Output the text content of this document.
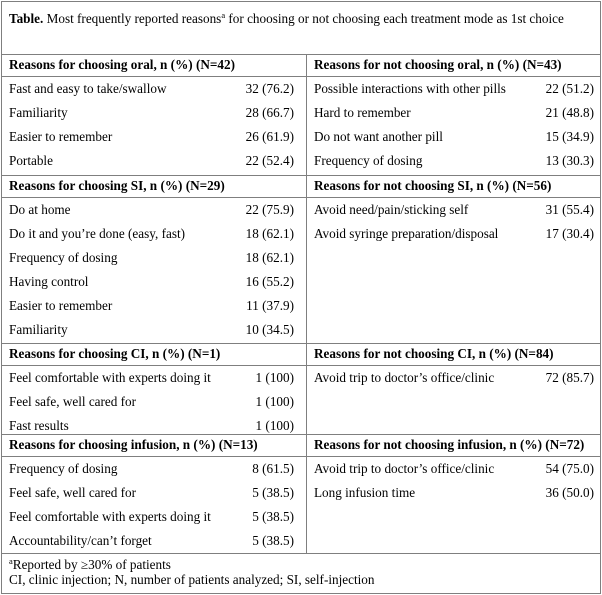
Table. Most frequently reported reasons$^a$ for choosing or not choosing each treatment mode as 1st choice
Reasons for choosing oral, n (%) (N=42)
Fast and easy to take/swallow	32 (76.2)
Familiarity	28 (66.7)
Easier to remember	26 (61.9)
Portable	22 (52.4)
Reasons for not choosing oral, n (%) (N=43)
Possible interactions with other pills	22 (51.2)
Hard to remember	21 (48.8)
Do not want another pill	15 (34.9)
Frequency of dosing	13 (30.3)
Reasons for choosing SI, n (%) (N=29)
Do at home	22 (75.9)
Do it and you’re done (easy, fast)	18 (62.1)
Frequency of dosing	18 (62.1)
Having control	16 (55.2)
Easier to remember	11 (37.9)
Familiarity	10 (34.5)
Reasons for not choosing SI, n (%) (N=56)
Avoid need/pain/sticking self	31 (55.4)
Avoid syringe preparation/disposal	17 (30.4)
Reasons for choosing CI, n (%) (N=1)
Feel comfortable with experts doing it	1 (100)
Feel safe, well cared for	1 (100)
Fast results	1 (100)
Reasons for not choosing CI, n (%) (N=84)
Avoid trip to doctor’s office/clinic	72 (85.7)
Reasons for choosing infusion, n (%) (N=13)
Frequency of dosing	8 (61.5)
Feel safe, well cared for	5 (38.5)
Feel comfortable with experts doing it	5 (38.5)
Accountability/can’t forget	5 (38.5)
Reasons for not choosing infusion, n (%) (N=72)
Avoid trip to doctor’s office/clinic	54 (75.0)
Long infusion time	36 (50.0)
$^a$Reported by ≥30% of patients
CI, clinic injection; N, number of patients analyzed; SI, self-injection
